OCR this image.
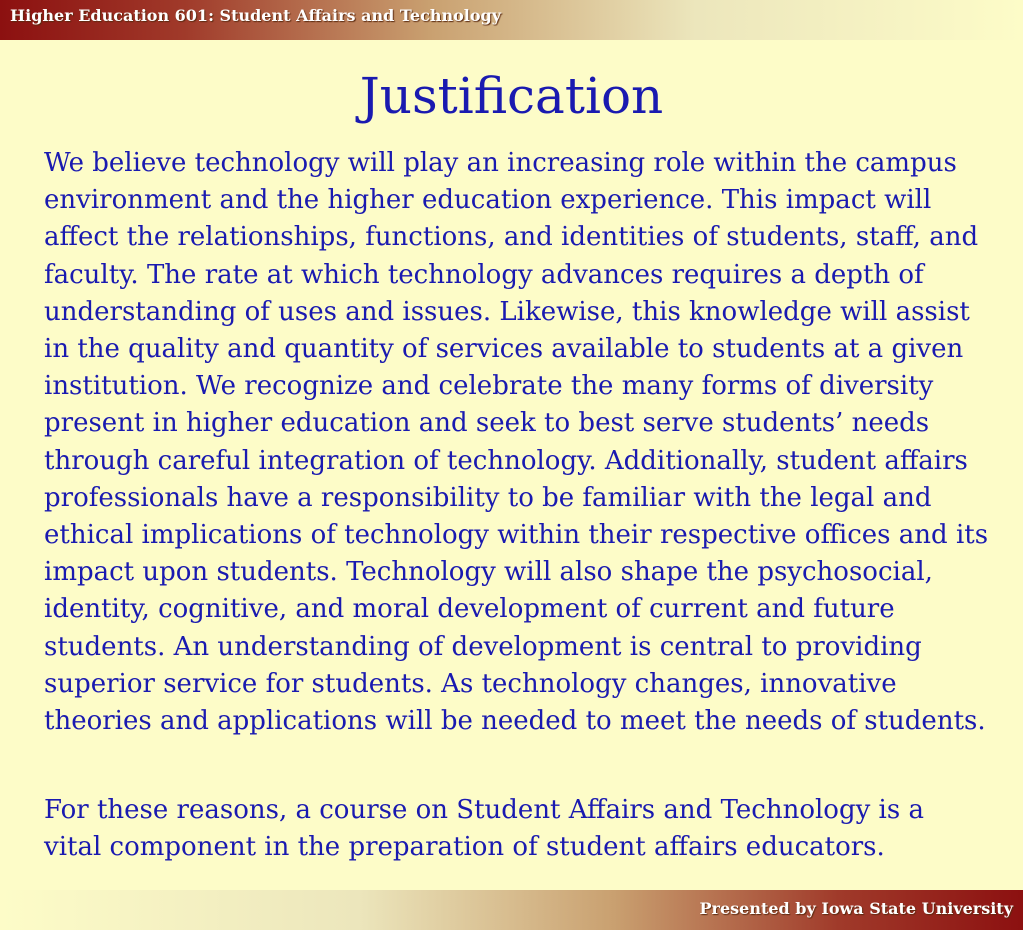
Higher Education 601: Student Affairs and Technology
Justification
We believe technology will play an increasing role within the campus
environment and the higher education experience. This impact will
affect the relationships, functions, and identities of students, staff, and
faculty. The rate at which technology advances requires a depth of
understanding of uses and issues. Likewise, this knowledge will assist
in the quality and quantity of services available to students at a given
institution. We recognize and celebrate the many forms of diversity
present in higher education and seek to best serve students’ needs
through careful integration of technology. Additionally, student affairs
professionals have a responsibility to be familiar with the legal and
ethical implications of technology within their respective offices and its
impact upon students. Technology will also shape the psychosocial,
identity, cognitive, and moral development of current and future
students. An understanding of development is central to providing
superior service for students. As technology changes, innovative
theories and applications will be needed to meet the needs of students.
For these reasons, a course on Student Affairs and Technology is a
vital component in the preparation of student affairs educators.
Presented by Iowa State University
